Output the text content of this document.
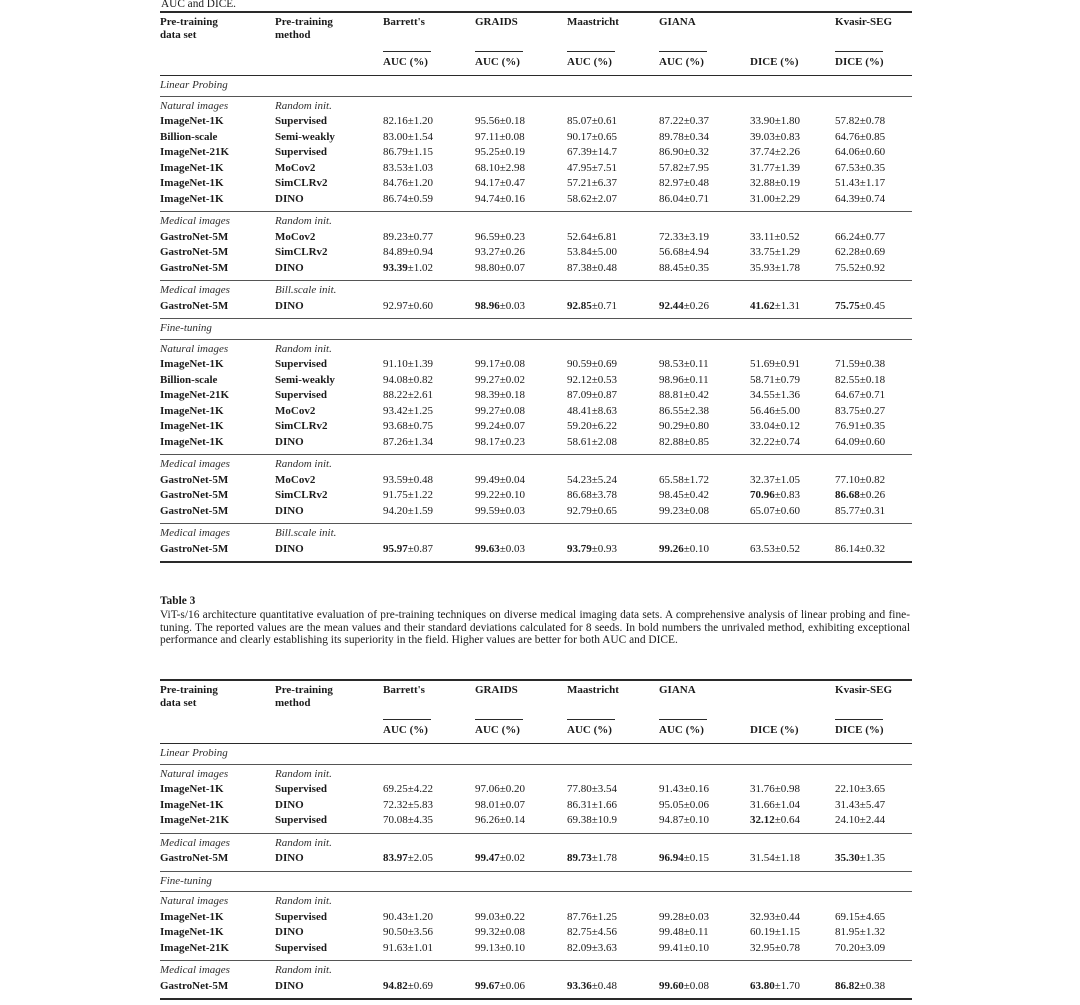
AUC and DICE.
Pre-training
data set	Pre-training
method	Barrett's	GRAIDS	Maastricht	GIANA		Kvasir-SEG

		AUC (%)	AUC (%)	AUC (%)	AUC (%)	DICE (%)	DICE (%)
Linear Probing							
Natural images	Random init.						
ImageNet-1K	Supervised	82.16±1.20	95.56±0.18	85.07±0.61	87.22±0.37	33.90±1.80	57.82±0.78
Billion-scale	Semi-weakly	83.00±1.54	97.11±0.08	90.17±0.65	89.78±0.34	39.03±0.83	64.76±0.85
ImageNet-21K	Supervised	86.79±1.15	95.25±0.19	67.39±14.7	86.90±0.32	37.74±2.26	64.06±0.60
ImageNet-1K	MoCov2	83.53±1.03	68.10±2.98	47.95±7.51	57.82±7.95	31.77±1.39	67.53±0.35
ImageNet-1K	SimCLRv2	84.76±1.20	94.17±0.47	57.21±6.37	82.97±0.48	32.88±0.19	51.43±1.17
ImageNet-1K	DINO	86.74±0.59	94.74±0.16	58.62±2.07	86.04±0.71	31.00±2.29	64.39±0.74
Medical images	Random init.						
GastroNet-5M	MoCov2	89.23±0.77	96.59±0.23	52.64±6.81	72.33±3.19	33.11±0.52	66.24±0.77
GastroNet-5M	SimCLRv2	84.89±0.94	93.27±0.26	53.84±5.00	56.68±4.94	33.75±1.29	62.28±0.69
GastroNet-5M	DINO	93.39±1.02	98.80±0.07	87.38±0.48	88.45±0.35	35.93±1.78	75.52±0.92
Medical images	Bill.scale init.						
GastroNet-5M	DINO	92.97±0.60	98.96±0.03	92.85±0.71	92.44±0.26	41.62±1.31	75.75±0.45
Fine-tuning							
Natural images	Random init.						
ImageNet-1K	Supervised	91.10±1.39	99.17±0.08	90.59±0.69	98.53±0.11	51.69±0.91	71.59±0.38
Billion-scale	Semi-weakly	94.08±0.82	99.27±0.02	92.12±0.53	98.96±0.11	58.71±0.79	82.55±0.18
ImageNet-21K	Supervised	88.22±2.61	98.39±0.18	87.09±0.87	88.81±0.42	34.55±1.36	64.67±0.71
ImageNet-1K	MoCov2	93.42±1.25	99.27±0.08	48.41±8.63	86.55±2.38	56.46±5.00	83.75±0.27
ImageNet-1K	SimCLRv2	93.68±0.75	99.24±0.07	59.20±6.22	90.29±0.80	33.04±0.12	76.91±0.35
ImageNet-1K	DINO	87.26±1.34	98.17±0.23	58.61±2.08	82.88±0.85	32.22±0.74	64.09±0.60
Medical images	Random init.						
GastroNet-5M	MoCov2	93.59±0.48	99.49±0.04	54.23±5.24	65.58±1.72	32.37±1.05	77.10±0.82
GastroNet-5M	SimCLRv2	91.75±1.22	99.22±0.10	86.68±3.78	98.45±0.42	70.96±0.83	86.68±0.26
GastroNet-5M	DINO	94.20±1.59	99.59±0.03	92.79±0.65	99.23±0.08	65.07±0.60	85.77±0.31
Medical images	Bill.scale init.						
GastroNet-5M	DINO	95.97±0.87	99.63±0.03	93.79±0.93	99.26±0.10	63.53±0.52	86.14±0.32
Table 3
ViT-s/16 architecture quantitative evaluation of pre-training techniques on diverse medical imaging data sets. A comprehensive analysis of linear probing and fine-tuning. The reported values are the mean values and their standard deviations calculated for 8 seeds. In bold numbers the unrivaled method, exhibiting exceptional performance and clearly establishing its superiority in the field. Higher values are better for both AUC and DICE.
Pre-training
data set	Pre-training
method	Barrett's	GRAIDS	Maastricht	GIANA		Kvasir-SEG

		AUC (%)	AUC (%)	AUC (%)	AUC (%)	DICE (%)	DICE (%)
Linear Probing							
Natural images	Random init.						
ImageNet-1K	Supervised	69.25±4.22	97.06±0.20	77.80±3.54	91.43±0.16	31.76±0.98	22.10±3.65
ImageNet-1K	DINO	72.32±5.83	98.01±0.07	86.31±1.66	95.05±0.06	31.66±1.04	31.43±5.47
ImageNet-21K	Supervised	70.08±4.35	96.26±0.14	69.38±10.9	94.87±0.10	32.12±0.64	24.10±2.44
Medical images	Random init.						
GastroNet-5M	DINO	83.97±2.05	99.47±0.02	89.73±1.78	96.94±0.15	31.54±1.18	35.30±1.35
Fine-tuning							
Natural images	Random init.						
ImageNet-1K	Supervised	90.43±1.20	99.03±0.22	87.76±1.25	99.28±0.03	32.93±0.44	69.15±4.65
ImageNet-1K	DINO	90.50±3.56	99.32±0.08	82.75±4.56	99.48±0.11	60.19±1.15	81.95±1.32
ImageNet-21K	Supervised	91.63±1.01	99.13±0.10	82.09±3.63	99.41±0.10	32.95±0.78	70.20±3.09
Medical images	Random init.						
GastroNet-5M	DINO	94.82±0.69	99.67±0.06	93.36±0.48	99.60±0.08	63.80±1.70	86.82±0.38
